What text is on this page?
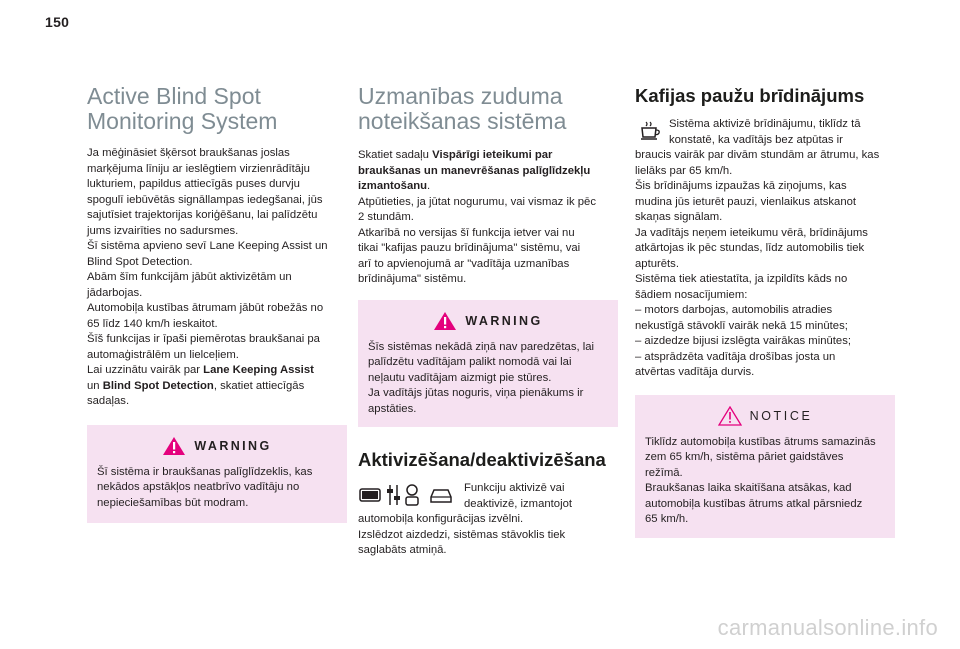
150
Active Blind Spot
Monitoring System

Ja mēģināsiet šķērsot braukšanas joslas
marķējuma līniju ar ieslēgtiem virzienrādītāju
lukturiem, papildus attiecīgās puses durvju
spogulī iebūvētās signāllampas iedegšanai, jūs
sajutīsiet trajektorijas koriģēšanu, lai palīdzētu
jums izvairīties no sadursmes.
Šī sistēma apvieno sevī Lane Keeping Assist un
Blind Spot Detection.
Abām šīm funkcijām jābūt aktivizētām un
jādarbojas.
Automobiļa kustības ātrumam jābūt robežās no
65 līdz 140 km/h ieskaitot.
Šīš funkcijas ir īpaši piemērotas braukšanai pa
automaģistrālēm un lielceļiem.
Lai uzzinātu vairāk par Lane Keeping Assist
un Blind Spot Detection, skatiet attiecīgās
sadaļas.

WARNING

Šī sistēma ir braukšanas palīglīdzeklis, kas
nekādos apstākļos neatbrīvo vadītāju no
nepieciešamības būt modram.

Uzmanības zuduma
noteikšanas sistēma

Skatiet sadaļu Vispārīgi ieteikumi par
braukšanas un manevrēšanas palīglīdzekļu
izmantošanu.
Atpūtieties, ja jūtat nogurumu, vai vismaz ik pēc
2 stundām.
Atkarībā no versijas šī funkcija ietver vai nu
tikai "kafijas pauzu brīdinājuma" sistēmu, vai
arī to apvienojumā ar "vadītāja uzmanības
brīdinājuma" sistēmu.

WARNING

Šīs sistēmas nekādā ziņā nav paredzētas, lai
palīdzētu vadītājam palikt nomodā vai lai
neļautu vadītājam aizmigt pie stūres.
Ja vadītājs jūtas noguris, viņa pienākums ir
apstāties.

Aktivizēšana/deaktivizēšana

Funkciju aktivizē vai
deaktivizē, izmantojot

automobiļa konfigurācijas izvēlni.
Izslēdzot aizdedzi, sistēmas stāvoklis tiek
saglabāts atmiņā.

Kafijas paužu brīdinājums

Sistēma aktivizē brīdinājumu, tiklīdz tā
konstatē, ka vadītājs bez atpūtas ir

braucis vairāk par divām stundām ar ātrumu, kas
lielāks par 65 km/h.
Šis brīdinājums izpaužas kā ziņojums, kas
mudina jūs ieturēt pauzi, vienlaikus atskanot
skaņas signālam.
Ja vadītājs neņem ieteikumu vērā, brīdinājums
atkārtojas ik pēc stundas, līdz automobilis tiek
apturēts.
Sistēma tiek atiestatīta, ja izpildīts kāds no
šādiem nosacījumiem:
– motors darbojas, automobilis atradies
nekustīgā stāvoklī vairāk nekā 15 minūtes;
– aizdedze bijusi izslēgta vairākas minūtes;
– atsprādzēta vadītāja drošības josta un
atvērtas vadītāja durvis.

NOTICE

Tiklīdz automobiļa kustības ātrums samazinās
zem 65 km/h, sistēma pāriet gaidstāves
režīmā.
Braukšanas laika skaitīšana atsākas, kad
automobiļa kustības ātrums atkal pārsniedz
65 km/h.

carmanualsonline.info
